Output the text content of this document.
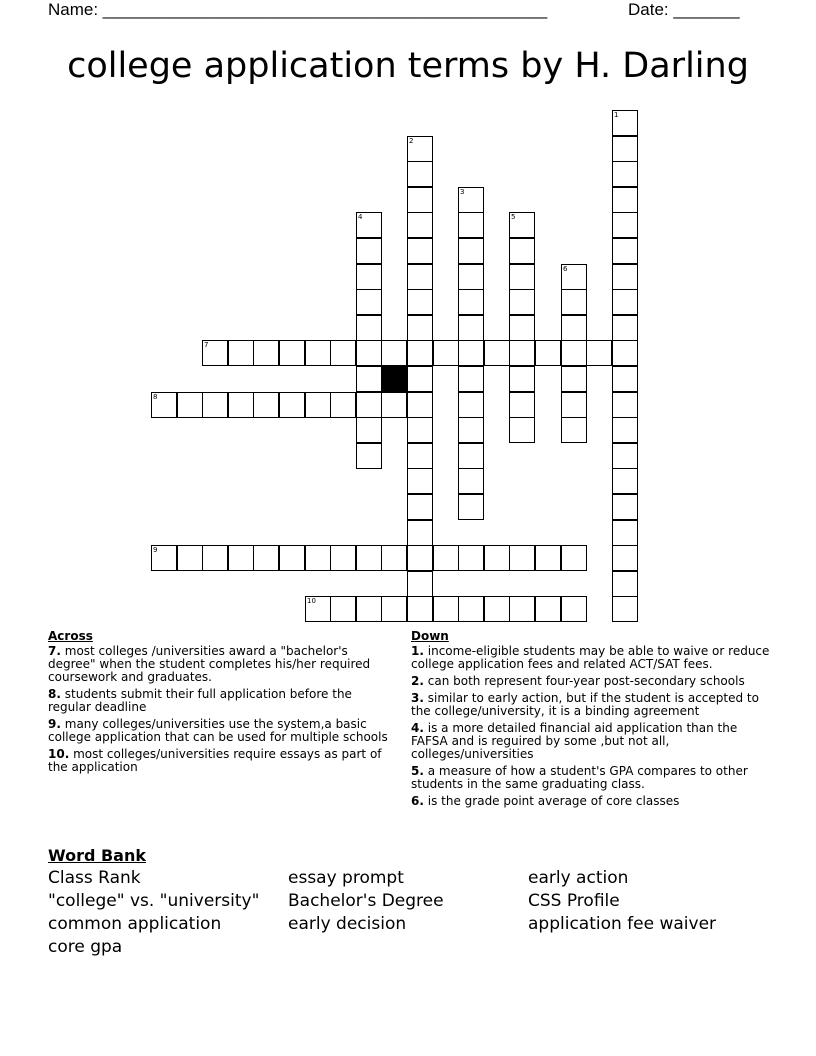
Name: _______________________________________________	Date: _______
college application terms by H. Darling
1
2
3
4	5
6
7
8
9
10
Across
7. most colleges /universities award a "bachelor's degree" when the student completes his/her required coursework and graduates.
8. students submit their full application before the regular deadline
9. many colleges/universities use the system,a basic college application that can be used for multiple schools
10. most colleges/universities require essays as part of the application
Down
1. income-eligible students may be able to waive or reduce college application fees and related ACT/SAT fees.
2. can both represent four-year post-secondary schools
3. similar to early action, but if the student is accepted to the college/university, it is a binding agreement
4. is a more detailed financial aid application than the FAFSA and is reguired by some ,but not all, colleges/universities
5. a measure of how a student's GPA compares to other students in the same graduating class.
6. is the grade point average of core classes
Word Bank
Class Rank
"college" vs. "university"
common application
core gpa
essay prompt
Bachelor's Degree
early decision
early action
CSS Profile
application fee waiver
